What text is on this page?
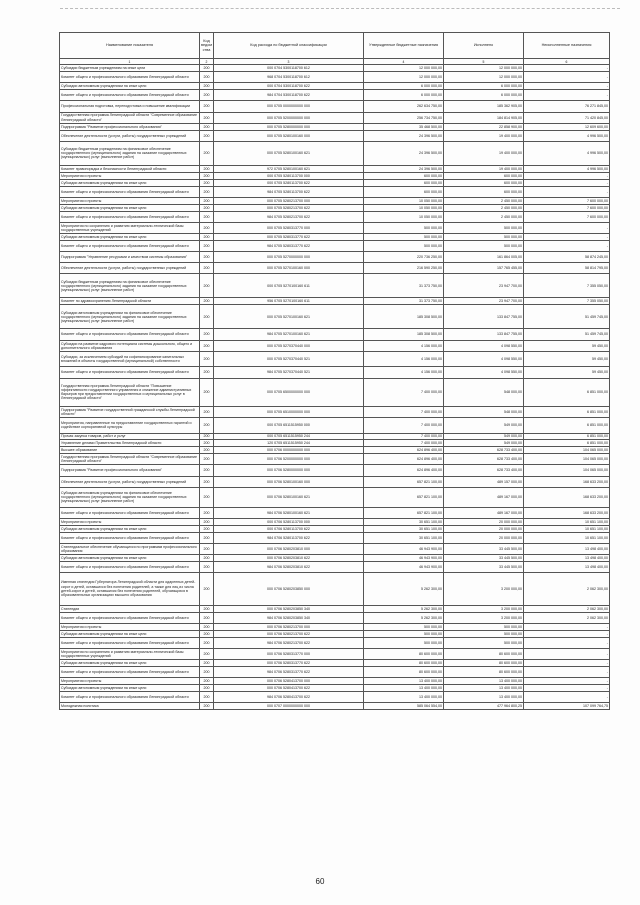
Наименование показателя	Код ведомства	Код расхода по бюджетной классификации	Утвержденные бюджетные назначения	Исполнено	Неисполненные назначения
1	2	3	4	5	6
Субсидии бюджетным учреждениям на иные цели	200	000 0704 5300118700 612	12 000 000,00	12 000 000,00	-
Комитет общего и профессионального образования Ленинградской области	200	968 0704 5300118700 612	12 000 000,00	12 000 000,00	-
Субсидии автономным учреждениям на иные цели	200	000 0704 5300118700 622	6 000 000,00	6 000 000,00	-
Комитет общего и профессионального образования Ленинградской области	200	984 0704 5300118700 622	6 000 000,00	6 000 000,00	-
Профессиональная подготовка, переподготовка и повышение квалификации	200	000 0705 0000000000 000	262 634 750,00	185 362 905,00	76 271 845,00
Государственная программа Ленинградской области "Современное образование Ленинградской области"	200	000 0705 5200000000 000	256 734 750,00	184 814 905,00	71 420 845,00
Подпрограмма "Развитие профессионального образования"	200	000 0705 5280000000 000	35 468 500,00	22 858 900,00	12 609 600,00
Обеспечение деятельности (услуги, работы) государственных учреждений	200	000 0705 5280100160 000	24 396 500,00	19 400 000,00	4 996 500,00
Субсидии бюджетным учреждениям на финансовое обеспечение государственного (муниципального) задания на оказание государственных (муниципальных) услуг (выполнение работ)	200	000 0705 5280100160 621	24 396 500,00	19 400 000,00	4 996 500,00
Комитет правопорядка и безопасности Ленинградской области	200	972 0705 5280100160 621	24 396 500,00	19 400 000,00	4 996 500,00
Мероприятия и проекты	200	000 0705 5280113700 000	600 000,00	600 000,00	-
Субсидии автономным учреждениям на иные цели	200	000 0705 5280113700 622	600 000,00	600 000,00	-
Комитет общего и профессионального образования Ленинградской области	200	984 0705 5280113700 622	600 000,00	600 000,00	-
Мероприятия и проекты	200	000 0705 5280213700 000	10 050 000,00	2 450 000,00	7 600 000,00
Субсидии автономным учреждениям на иные цели	200	000 0705 5280213700 622	10 050 000,00	2 450 000,00	7 600 000,00
Комитет общего и профессионального образования Ленинградской области	200	984 0705 5280213700 622	10 050 000,00	2 450 000,00	7 600 000,00
Мероприятия по сохранению и развитию материально-технической базы государственных учреждений	200	000 0705 5280313770 000	500 000,00	500 000,00	-
Субсидии автономным учреждениям на иные цели	200	000 0705 5280313770 622	500 000,00	500 000,00	-
Комитет общего и профессионального образования Ленинградской области	200	984 0705 5280313770 622	500 000,00	500 000,00	-
Подпрограмма "Управление ресурсами и качеством системы образования"	200	000 0705 5270000000 000	220 736 250,00	161 864 005,00	58 874 245,00
Обеспечение деятельности (услуги, работы) государственных учреждений	200	000 0705 5270100160 000	216 590 250,00	157 765 455,00	58 814 795,00
Субсидии бюджетным учреждениям на финансовое обеспечение государственного (муниципального) задания на оказание государственных (муниципальных) услуг (выполнение работ)	200	000 0705 5270100160 611	31 373 750,00	23 947 700,00	7 355 050,00
Комитет по здравоохранению Ленинградской области	200	956 0705 5270100160 611	31 373 750,00	23 947 700,00	7 355 050,00
Субсидии автономным учреждениям на финансовое обеспечение государственного (муниципального) задания на оказание государственных (муниципальных) услуг (выполнение работ)	200	000 0705 5270100160 621	185 308 500,00	133 847 755,00	51 459 745,00
Комитет общего и профессионального образования Ленинградской области	200	984 0705 5270100160 621	185 308 500,00	133 847 755,00	51 459 745,00
Субсидии на развитие кадрового потенциала системы дошкольного, общего и дополнительного образования	200	000 0705 5270370440 000	4 156 000,00	4 098 550,00	59 450,00
Субсидии, за исключением субсидий на софинансирование капитальных вложений в объекты государственной (муниципальной) собственности	200	000 0705 5270370440 521	4 156 000,00	4 098 550,00	59 450,00
Комитет общего и профессионального образования Ленинградской области	200	984 0705 5270370440 521	4 156 000,00	4 098 550,00	59 450,00
Государственная программа Ленинградской области "Повышение эффективности государственного управления и снижение административных барьеров при предоставлении государственных и муниципальных услуг в Ленинградской области"	200	000 0705 6500000000 000	7 400 000,00	548 000,00	6 851 000,00
Подпрограмма "Развитие государственной гражданской службы Ленинградской области"	200	000 0705 6510000000 000	7 400 000,00	548 000,00	6 851 000,00
Мероприятия, направленные на предоставление государственных гарантий и содействие корпоративной культуры	200	000 0705 6511515950 000	7 400 000,00	549 000,00	6 851 000,00
Прочая закупка товаров, работ и услуг	200	000 0705 6511515950 244	7 400 000,00	549 000,00	6 851 000,00
Управление делами Правительства Ленинградской области	200	120 0705 6511515950 244	7 400 000,00	549 000,00	6 851 000,00
Высшее образование	200	000 0706 0000000000 000	624 896 400,00	628 733 400,00	104 065 000,00
Государственная программа Ленинградской области "Современное образование Ленинградской области"	200	000 0706 5200000000 000	624 896 400,00	628 733 400,00	104 065 000,00
Подпрограмма "Развитие профессионального образования"	200	000 0706 5280000000 000	624 896 400,00	628 733 400,00	104 065 000,00
Обеспечение деятельности (услуги, работы) государственных учреждений	200	000 0706 5280100160 000	657 821 100,00	489 157 000,00	168 633 200,00
Субсидии автономным учреждениям на финансовое обеспечение государственного (муниципального) задания на оказание государственных (муниципальных) услуг (выполнение работ)	200	000 0706 5280100160 621	657 821 100,00	489 167 000,00	168 633 200,00
Комитет общего и профессионального образования Ленинградской области	200	984 0706 5280100160 621	657 821 100,00	489 167 000,00	168 633 200,00
Мероприятия и проекты	200	000 0706 5280113700 000	30 651 100,00	20 000 000,00	10 651 100,00
Субсидии автономным учреждениям на иные цели	200	000 0706 5280113700 622	30 651 100,00	20 000 000,00	10 651 100,00
Комитет общего и профессионального образования Ленинградской области	200	984 0706 5280113700 622	30 651 100,00	20 000 000,00	10 651 100,00
Стипендиальное обеспечение обучающихся по программам профессионального образования	200	000 0706 5280203810 000	46 943 900,00	33 445 500,00	13 498 400,00
Субсидии автономным учреждениям на иные цели	200	000 0706 5280203810 622	46 943 900,00	33 445 500,00	13 498 400,00
Комитет общего и профессионального образования Ленинградской области	200	984 0706 5280203810 622	46 943 900,00	33 445 500,00	13 498 400,00
Именная стипендия Губернатора Ленинградской области для одаренных детей-сирот и детей, оставшихся без попечения родителей, а также для лиц из числа детей-сирот и детей, оставшихся без попечения родителей, обучающихся в образовательных организациях высшего образования	200	000 0706 5280203850 000	5 262 300,00	3 200 000,00	2 062 300,00
Стипендии	200	000 0706 5280203850 340	5 262 300,00	3 200 000,00	2 062 300,00
Комитет общего и профессионального образования Ленинградской области	200	984 0706 5280203850 340	5 262 300,00	3 200 000,00	2 062 300,00
Мероприятия и проекты	200	000 0706 5280213700 000	500 000,00	500 000,00	-
Субсидии автономным учреждениям на иные цели	200	000 0706 5280213700 622	500 000,00	500 000,00	-
Комитет общего и профессионального образования Ленинградской области	200	984 0706 5280213700 622	500 000,00	500 000,00	-
Мероприятия по сохранению и развитию материально-технической базы государственных учреждений	200	000 0706 5280313770 000	80 600 000,00	80 600 000,00	-
Субсидии автономным учреждениям на иные цели	200	000 0706 5280313770 622	80 600 000,00	80 600 000,00	-
Комитет общего и профессионального образования Ленинградской области	200	984 0706 5280313770 622	80 600 000,00	80 600 000,00	-
Мероприятия и проекты	200	000 0706 5280413700 000	13 400 000,00	13 400 000,00	-
Субсидии автономным учреждениям на иные цели	200	000 0706 5280413700 622	13 400 000,00	13 400 000,00	-
Комитет общего и профессионального образования Ленинградской области	200	984 0706 5280413700 622	13 400 000,00	13 400 000,00	-
Молодежная политика	200	000 0707 0000000000 000	585 064 554,00	477 964 800,25	107 099 764,75
60
